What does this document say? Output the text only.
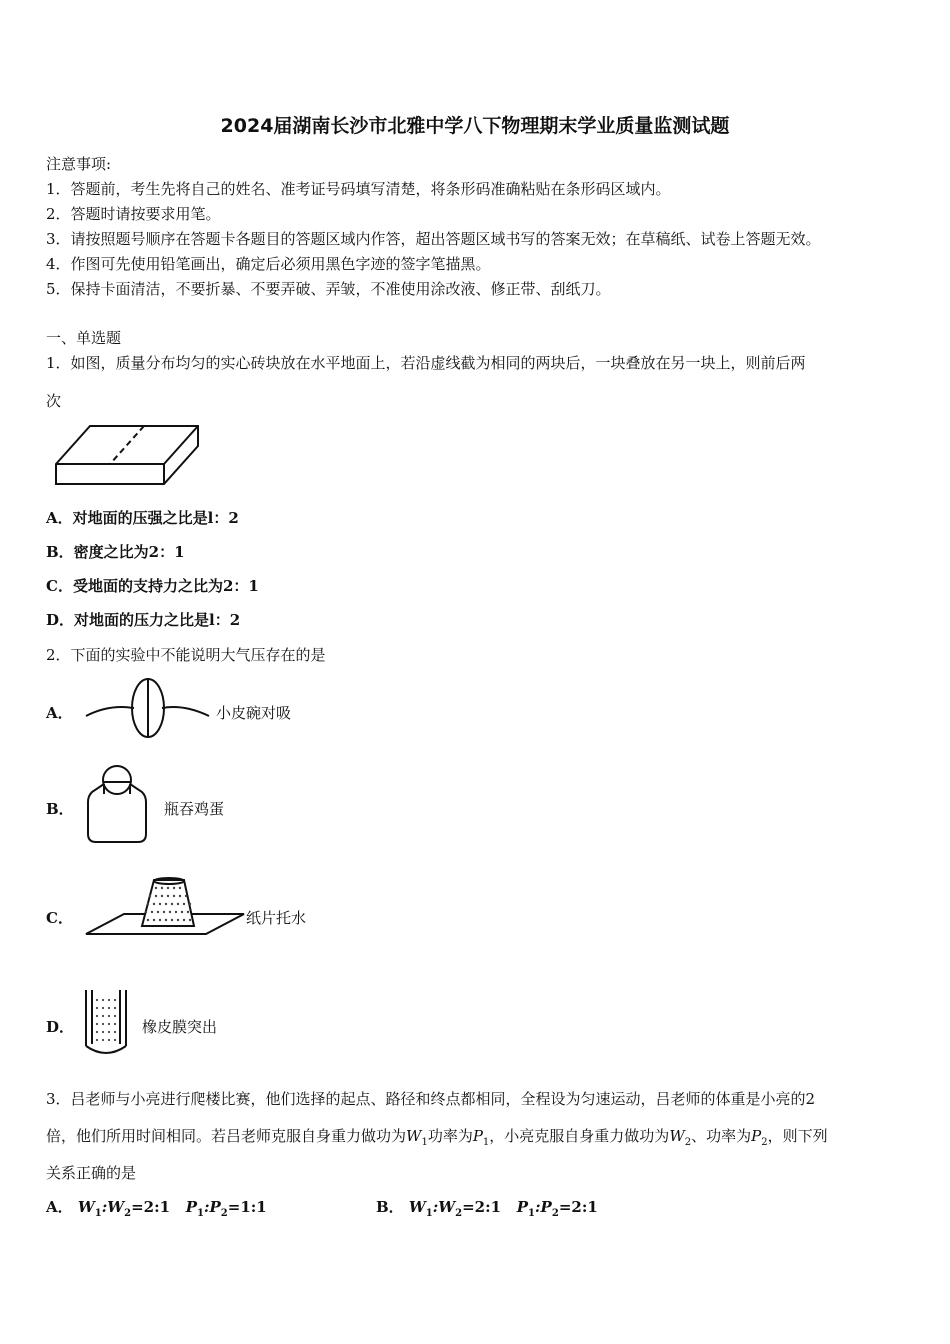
2024届湖南长沙市北雅中学八下物理期末学业质量监测试题
注意事项:
1．答题前，考生先将自己的姓名、准考证号码填写清楚，将条形码准确粘贴在条形码区域内。
2．答题时请按要求用笔。
3．请按照题号顺序在答题卡各题目的答题区域内作答，超出答题区域书写的答案无效；在草稿纸、试卷上答题无效。
4．作图可先使用铅笔画出，确定后必须用黑色字迹的签字笔描黑。
5．保持卡面清洁，不要折暴、不要弄破、弄皱，不准使用涂改液、修正带、刮纸刀。
一、单选题
1．如图，质量分布均匀的实心砖块放在水平地面上，若沿虚线截为相同的两块后，一块叠放在另一块上，则前后两
次
A．对地面的压强之比是l：2
B．密度之比为2：1
C．受地面的支持力之比为2：1
D．对地面的压力之比是l：2
2．下面的实验中不能说明大气压存在的是
A．	小皮碗对吸
B．	瓶吞鸡蛋
C．	纸片托水
D．	橡皮膜突出
3．吕老师与小亮进行爬楼比赛，他们选择的起点、路径和终点都相同，全程设为匀速运动，吕老师的体重是小亮的2
倍，他们所用时间相同。若吕老师克服自身重力做功为$W_1$功率为$P_1$，小亮克服自身重力做功为$W_2$、功率为$P_2$，则下列
关系正确的是
A． $W_1:W_2=2:1$ $P_1:P_2=1:1$	B． $W_1:W_2=2:1$ $P_1:P_2=2:1$
